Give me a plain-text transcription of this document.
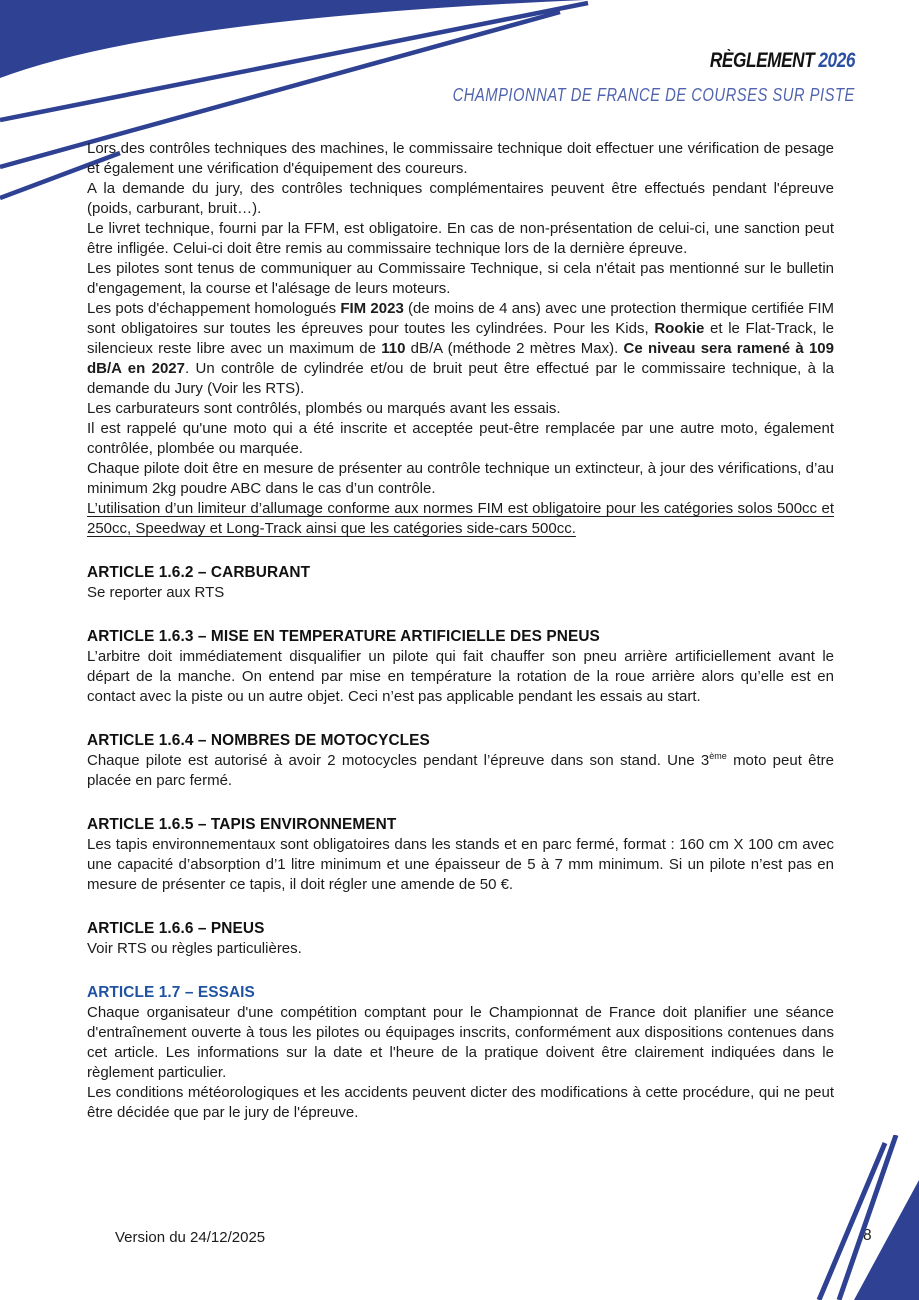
RÈGLEMENT 2026
CHAMPIONNAT DE FRANCE DE COURSES SUR PISTE

Lors des contrôles techniques des machines, le commissaire technique doit effectuer une vérification de pesage et également une vérification d'équipement des coureurs.

A la demande du jury, des contrôles techniques complémentaires peuvent être effectués pendant l'épreuve (poids, carburant, bruit…).

Le livret technique, fourni par la FFM, est obligatoire. En cas de non-présentation de celui-ci, une sanction peut être infligée. Celui-ci doit être remis au commissaire technique lors de la dernière épreuve.

Les pilotes sont tenus de communiquer au Commissaire Technique, si cela n'était pas mentionné sur le bulletin d'engagement, la course et l'alésage de leurs moteurs.

Les pots d'échappement homologués FIM 2023 (de moins de 4 ans) avec une protection thermique certifiée FIM sont obligatoires sur toutes les épreuves pour toutes les cylindrées. Pour les Kids, Rookie et le Flat-Track, le silencieux reste libre avec un maximum de 110 dB/A (méthode 2 mètres Max). Ce niveau sera ramené à 109 dB/A en 2027. Un contrôle de cylindrée et/ou de bruit peut être effectué par le commissaire technique, à la demande du Jury (Voir les RTS).

Les carburateurs sont contrôlés, plombés ou marqués avant les essais.

Il est rappelé qu'une moto qui a été inscrite et acceptée peut-être remplacée par une autre moto, également contrôlée, plombée ou marquée.

Chaque pilote doit être en mesure de présenter au contrôle technique un extincteur, à jour des vérifications, d’au minimum 2kg poudre ABC dans le cas d’un contrôle.

L’utilisation d’un limiteur d’allumage conforme aux normes FIM est obligatoire pour les catégories solos 500cc et 250cc, Speedway et Long-Track ainsi que les catégories side-cars 500cc.

ARTICLE 1.6.2 – CARBURANT

Se reporter aux RTS

ARTICLE 1.6.3 – MISE EN TEMPERATURE ARTIFICIELLE DES PNEUS

L’arbitre doit immédiatement disqualifier un pilote qui fait chauffer son pneu arrière artificiellement avant le départ de la manche. On entend par mise en température la rotation de la roue arrière alors qu’elle est en contact avec la piste ou un autre objet. Ceci n’est pas applicable pendant les essais au start.

ARTICLE 1.6.4 – NOMBRES DE MOTOCYCLES

Chaque pilote est autorisé à avoir 2 motocycles pendant l’épreuve dans son stand. Une 3ème moto peut être placée en parc fermé.

ARTICLE 1.6.5 – TAPIS ENVIRONNEMENT

Les tapis environnementaux sont obligatoires dans les stands et en parc fermé, format : 160 cm X 100 cm avec une capacité d’absorption d’1 litre minimum et une épaisseur de 5 à 7 mm minimum. Si un pilote n’est pas en mesure de présenter ce tapis, il doit régler une amende de 50 €.

ARTICLE 1.6.6 – PNEUS

Voir RTS ou règles particulières.

ARTICLE 1.7 – ESSAIS

Chaque organisateur d'une compétition comptant pour le Championnat de France doit planifier une séance d'entraînement ouverte à tous les pilotes ou équipages inscrits, conformément aux dispositions contenues dans cet article. Les informations sur la date et l'heure de la pratique doivent être clairement indiquées dans le règlement particulier.

Les conditions météorologiques et les accidents peuvent dicter des modifications à cette procédure, qui ne peut être décidée que par le jury de l'épreuve.

Version du 24/12/2025	8
